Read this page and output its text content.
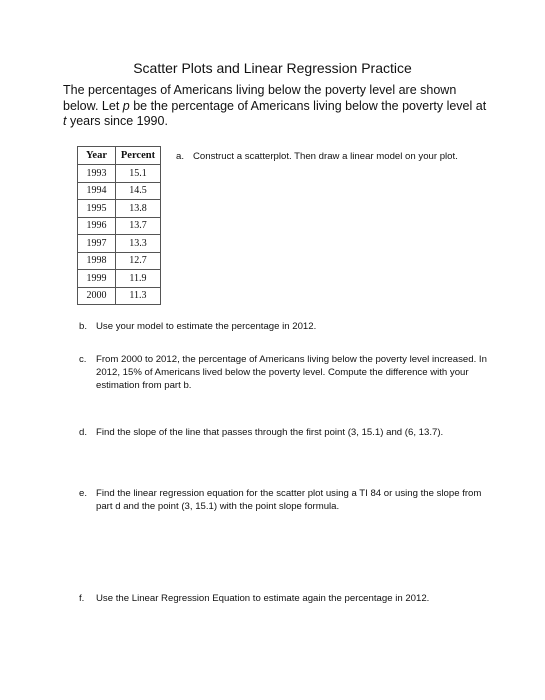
Scatter Plots and Linear Regression Practice
The percentages of Americans living below the poverty level are shown below. Let p be the percentage of Americans living below the poverty level at t years since 1990.
Year	Percent
1993	15.1
1994	14.5
1995	13.8
1996	13.7
1997	13.3
1998	12.7
1999	11.9
2000	11.3
a. Construct a scatterplot. Then draw a linear model on your plot.
b. Use your model to estimate the percentage in 2012.
c. From 2000 to 2012, the percentage of Americans living below the poverty level increased. In 2012, 15% of Americans lived below the poverty level. Compute the difference with your estimation from part b.
d. Find the slope of the line that passes through the first point (3, 15.1) and (6, 13.7).
e. Find the linear regression equation for the scatter plot using a TI 84 or using the slope from part d and the point (3, 15.1) with the point slope formula.
f. Use the Linear Regression Equation to estimate again the percentage in 2012.
